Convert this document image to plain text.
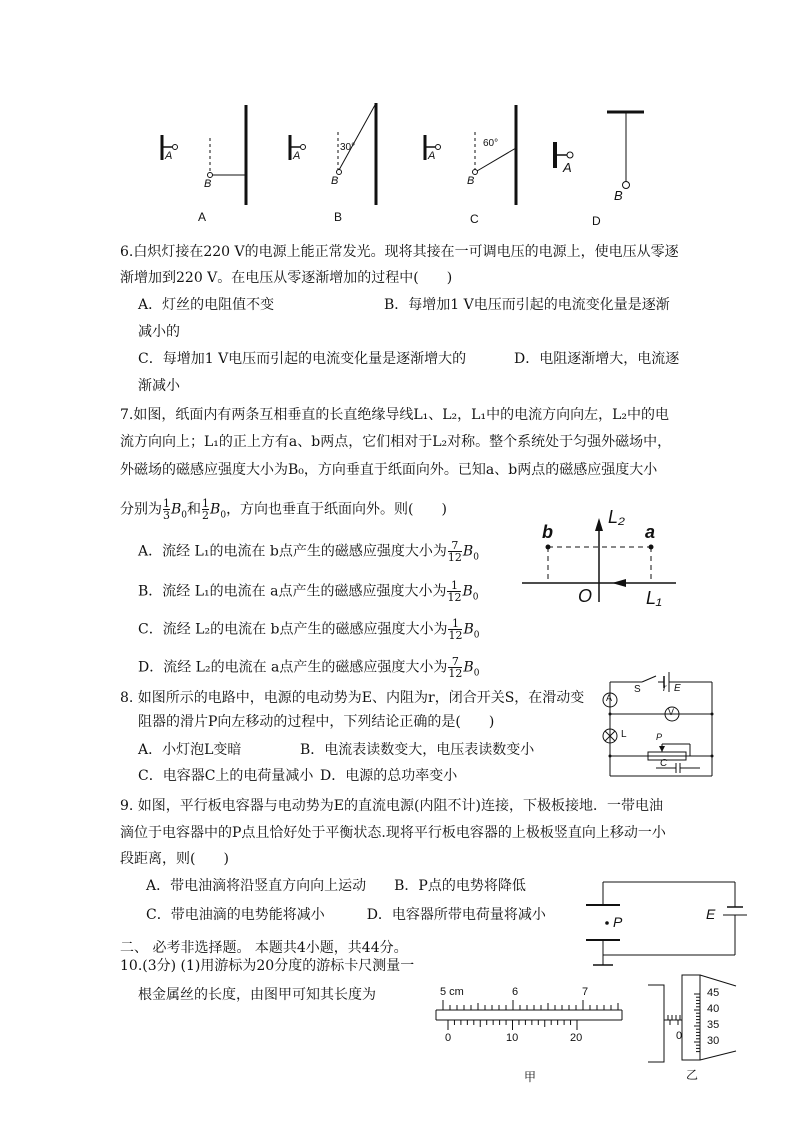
A
B
A
30°
B
A
60°
B
A
B
A	B	C	D
6.白炽灯接在220 V的电源上能正常发光。现将其接在一可调电压的电源上，使电压从零逐
渐增加到220 V。在电压从零逐渐增加的过程中(　　)
A．灯丝的电阻值不变	B．每增加1 V电压而引起的电流变化量是逐渐
减小的
C．每增加1 V电压而引起的电流变化量是逐渐增大的	D．电阻逐渐增大，电流逐
渐减小
7.如图，纸面内有两条互相垂直的长直绝缘导线L₁、L₂，L₁中的电流方向向左，L₂中的电
流方向向上；L₁的正上方有a、b两点，它们相对于L₂对称。整个系统处于匀强外磁场中，
外磁场的磁感应强度大小为B₀，方向垂直于纸面向外。已知a、b两点的磁感应强度大小
分别为 $\frac{1}{3} B_0$和 $\frac{1}{2} B_0$，方向也垂直于纸面向外。则(　　)
A．流经 L₁的电流在 b点产生的磁感应强度大小为 $\frac{7}{12} B_0$
B．流经 L₁的电流在 a点产生的磁感应强度大小为 $\frac{1}{12} B_0$
C．流经 L₂的电流在 b点产生的磁感应强度大小为 $\frac{1}{12} B_0$
D．流经 L₂的电流在 a点产生的磁感应强度大小为 $\frac{7}{12} B_0$
b	a
L₂
O	L₁
8. 如图所示的电路中，电源的电动势为E、内阻为r，闭合开关S，在滑动变
阻器的滑片P向左移动的过程中，下列结论正确的是(　　)
A．小灯泡L变暗	B．电流表读数变大，电压表读数变小
C．电容器C上的电荷量减小 D．电源的总功率变小
S r E
A
V
L	P
C
9. 如图，平行板电容器与电动势为E的直流电源(内阻不计)连接，下极板接地．一带电油
滴位于电容器中的P点且恰好处于平衡状态.现将平行板电容器的上极板竖直向上移动一小
段距离，则(　　)
A．带电油滴将沿竖直方向向上运动　　B．P点的电势将降低
C．带电油滴的电势能将减小　　　D．电容器所带电荷量将减小	P	E
二、 必考非选择题。 本题共4小题，共44分。
10.(3分) (1)用游标为20分度的游标卡尺测量一
根金属丝的长度，由图甲可知其长度为	5 cm	6	7
0	10	20
甲
45
40
35
30
0
乙
